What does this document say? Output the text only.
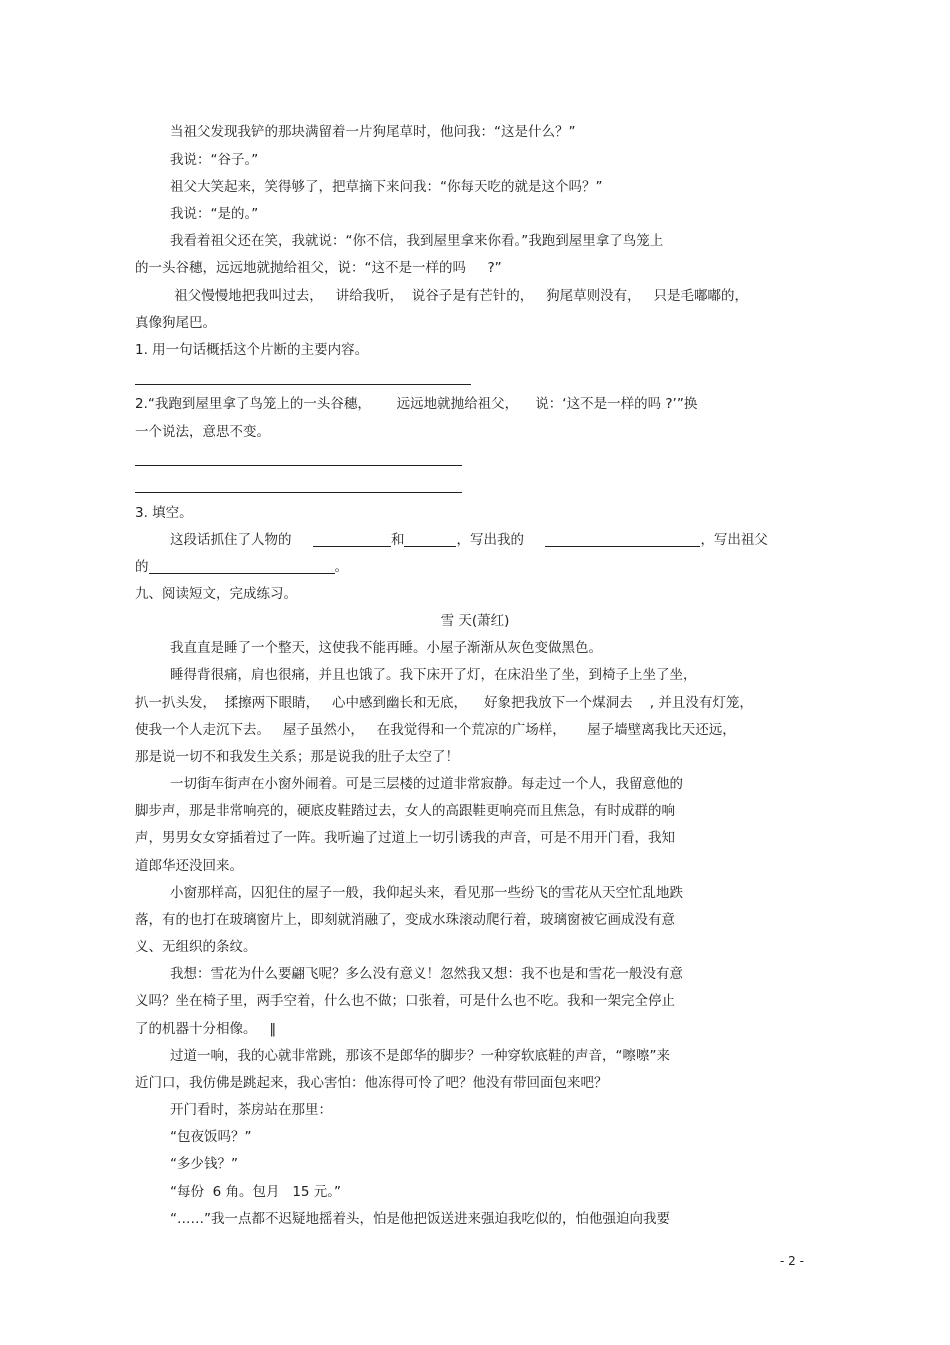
当祖父发现我铲的那块满留着一片狗尾草时，他问我：“这是什么？”
我说：“谷子。”
祖父大笑起来，笑得够了，把草摘下来问我：“你每天吃的就是这个吗？”
我说：“是的。”
我看着祖父还在笑，我就说：“你不信，我到屋里拿来你看。”我跑到屋里拿了鸟笼上
的一头谷穗，远远地就抛给祖父，说：“这不是一样的吗     ?”
祖父慢慢地把我叫过去，   讲给我听，  说谷子是有芒针的，   狗尾草则没有，   只是毛嘟嘟的，
真像狗尾巴。
1. 用一句话概括这个片断的主要内容。
2.“我跑到屋里拿了鸟笼上的一头谷穗，      远远地就抛给祖父，    说：‘这不是一样的吗 ?’”换
一个说法，意思不变。
3. 填空。
这段话抓住了人物的	和	，写出我的	，写出祖父
的	。
九、阅读短文，完成练习。
雪 天(萧红)
我直直是睡了一个整天，这使我不能再睡。小屋子渐渐从灰色变做黑色。
睡得背很痛，肩也很痛，并且也饿了。我下床开了灯，在床沿坐了坐，到椅子上坐了坐，
扒一扒头发，  揉擦两下眼睛，   心中感到幽长和无底，    好象把我放下一个煤洞去    , 并且没有灯笼，
使我一个人走沉下去。   屋子虽然小，   在我觉得和一个荒凉的广场样，     屋子墙壁离我比天还远，
那是说一切不和我发生关系；那是说我的肚子太空了！
一切街车街声在小窗外闹着。可是三层楼的过道非常寂静。每走过一个人，我留意他的
脚步声，那是非常响亮的，硬底皮鞋踏过去，女人的高跟鞋更响亮而且焦急，有时成群的响
声，男男女女穿插着过了一阵。我听遍了过道上一切引诱我的声音，可是不用开门看，我知
道郎华还没回来。
小窗那样高，囚犯住的屋子一般，我仰起头来，看见那一些纷飞的雪花从天空忙乱地跌
落，有的也打在玻璃窗片上，即刻就消融了，变成水珠滚动爬行着，玻璃窗被它画成没有意
义、无组织的条纹。
我想：雪花为什么要翩飞呢？多么没有意义！忽然我又想：我不也是和雪花一般没有意
义吗？坐在椅子里，两手空着，什么也不做；口张着，可是什么也不吃。我和一架完全停止
了的机器十分相像。   ‖
过道一响，我的心就非常跳，那该不是郎华的脚步？一种穿软底鞋的声音，“嚓嚓”来
近门口，我仿佛是跳起来，我心害怕：他冻得可怜了吧？他没有带回面包来吧？
开门看时，茶房站在那里：
“包夜饭吗？”
“多少钱？”
“每份  6 角。包月   15 元。”
“……”我一点都不迟疑地摇着头，怕是他把饭送进来强迫我吃似的，怕他强迫向我要
- 2 -
